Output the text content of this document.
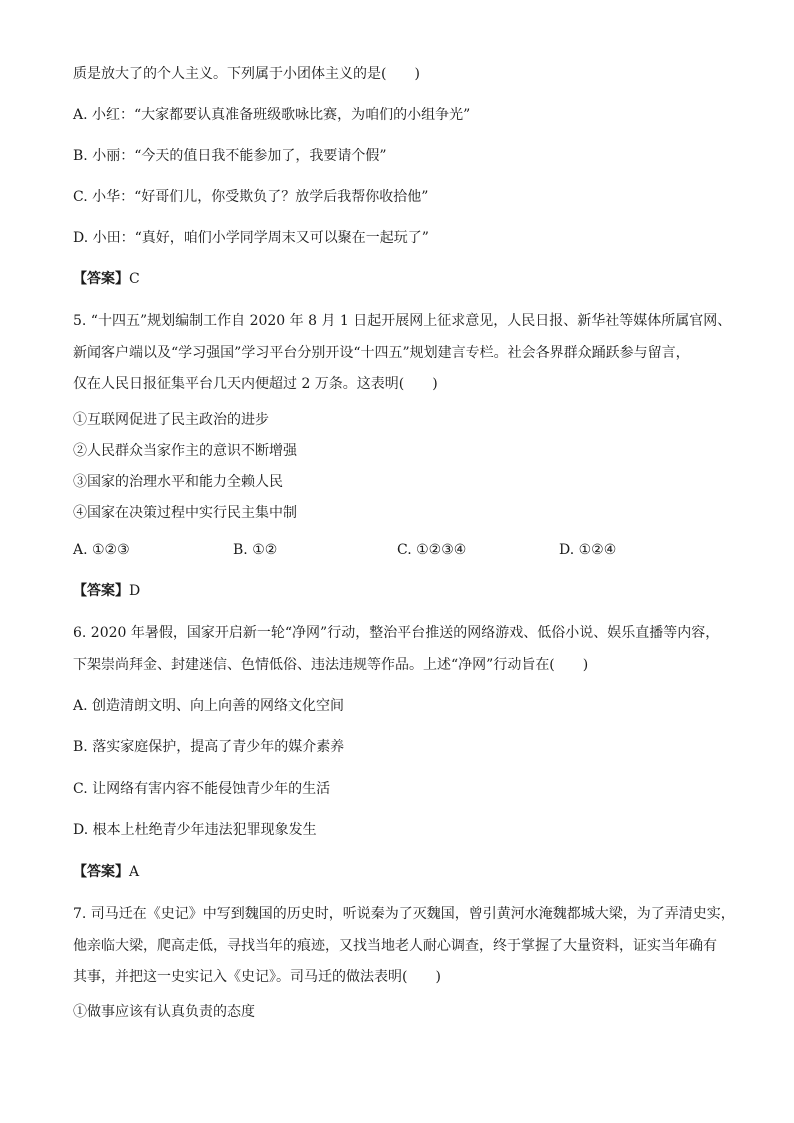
质是放大了的个人主义。下列属于小团体主义的是(　　)
A. 小红：“大家都要认真准备班级歌咏比赛，为咱们的小组争光”
B. 小丽：“今天的值日我不能参加了，我要请个假”
C. 小华：“好哥们儿，你受欺负了？放学后我帮你收拾他”
D. 小田：“真好，咱们小学同学周末又可以聚在一起玩了”
【答案】C
5. “十四五”规划编制工作自 2020 年 8 月 1 日起开展网上征求意见，人民日报、新华社等媒体所属官网、
新闻客户端以及“学习强国”学习平台分别开设“十四五”规划建言专栏。社会各界群众踊跃参与留言，
仅在人民日报征集平台几天内便超过 2 万条。这表明(　　)
①互联网促进了民主政治的进步
②人民群众当家作主的意识不断增强
③国家的治理水平和能力全赖人民
④国家在决策过程中实行民主集中制
A. ①②③	B. ①②	C. ①②③④	D. ①②④
【答案】D
6. 2020 年暑假，国家开启新一轮“净网”行动，整治平台推送的网络游戏、低俗小说、娱乐直播等内容，
下架崇尚拜金、封建迷信、色情低俗、违法违规等作品。上述“净网”行动旨在(　　)
A. 创造清朗文明、向上向善的网络文化空间
B. 落实家庭保护，提高了青少年的媒介素养
C. 让网络有害内容不能侵蚀青少年的生活
D. 根本上杜绝青少年违法犯罪现象发生
【答案】A
7. 司马迁在《史记》中写到魏国的历史时，听说秦为了灭魏国，曾引黄河水淹魏都城大梁，为了弄清史实，
他亲临大梁，爬高走低，寻找当年的痕迹，又找当地老人耐心调查，终于掌握了大量资料，证实当年确有
其事，并把这一史实记入《史记》。司马迁的做法表明(　　)
①做事应该有认真负责的态度
